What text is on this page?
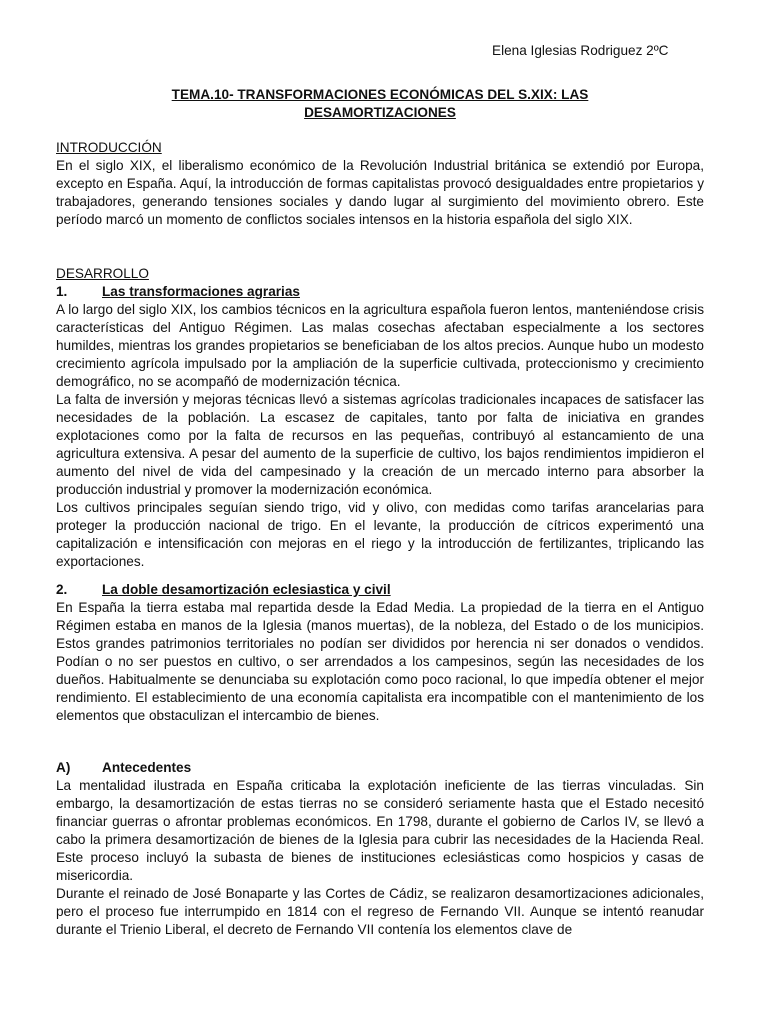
Elena Iglesias Rodriguez 2ºC
TEMA.10- TRANSFORMACIONES ECONÓMICAS DEL S.XIX: LAS
DESAMORTIZACIONES
INTRODUCCIÓN

En el siglo XIX, el liberalismo económico de la Revolución Industrial británica se extendió por Europa, excepto en España. Aquí, la introducción de formas capitalistas provocó desigualdades entre propietarios y trabajadores, generando tensiones sociales y dando lugar al surgimiento del movimiento obrero. Este período marcó un momento de conflictos sociales intensos en la historia española del siglo XIX.

DESARROLLO
1.	Las transformaciones agrarias

A lo largo del siglo XIX, los cambios técnicos en la agricultura española fueron lentos, manteniéndose crisis características del Antiguo Régimen. Las malas cosechas afectaban especialmente a los sectores humildes, mientras los grandes propietarios se beneficiaban de los altos precios. Aunque hubo un modesto crecimiento agrícola impulsado por la ampliación de la superficie cultivada, proteccionismo y crecimiento demográfico, no se acompañó de modernización técnica.

La falta de inversión y mejoras técnicas llevó a sistemas agrícolas tradicionales incapaces de satisfacer las necesidades de la población. La escasez de capitales, tanto por falta de iniciativa en grandes explotaciones como por la falta de recursos en las pequeñas, contribuyó al estancamiento de una agricultura extensiva. A pesar del aumento de la superficie de cultivo, los bajos rendimientos impidieron el aumento del nivel de vida del campesinado y la creación de un mercado interno para absorber la producción industrial y promover la modernización económica.

Los cultivos principales seguían siendo trigo, vid y olivo, con medidas como tarifas arancelarias para proteger la producción nacional de trigo. En el levante, la producción de cítricos experimentó una capitalización e intensificación con mejoras en el riego y la introducción de fertilizantes, triplicando las exportaciones.

2.	La doble desamortización eclesiastica y civil

En España la tierra estaba mal repartida desde la Edad Media. La propiedad de la tierra en el Antiguo Régimen estaba en manos de la Iglesia (manos muertas), de la nobleza, del Estado o de los municipios. Estos grandes patrimonios territoriales no podían ser divididos por herencia ni ser donados o vendidos. Podían o no ser puestos en cultivo, o ser arrendados a los campesinos, según las necesidades de los dueños. Habitualmente se denunciaba su explotación como poco racional, lo que impedía obtener el mejor rendimiento. El establecimiento de una economía capitalista era incompatible con el mantenimiento de los elementos que obstaculizan el intercambio de bienes.

A)	Antecedentes

La mentalidad ilustrada en España criticaba la explotación ineficiente de las tierras vinculadas. Sin embargo, la desamortización de estas tierras no se consideró seriamente hasta que el Estado necesitó financiar guerras o afrontar problemas económicos. En 1798, durante el gobierno de Carlos IV, se llevó a cabo la primera desamortización de bienes de la Iglesia para cubrir las necesidades de la Hacienda Real. Este proceso incluyó la subasta de bienes de instituciones eclesiásticas como hospicios y casas de misericordia.

Durante el reinado de José Bonaparte y las Cortes de Cádiz, se realizaron desamortizaciones adicionales, pero el proceso fue interrumpido en 1814 con el regreso de Fernando VII. Aunque se intentó reanudar durante el Trienio Liberal, el decreto de Fernando VII contenía los elementos clave de
